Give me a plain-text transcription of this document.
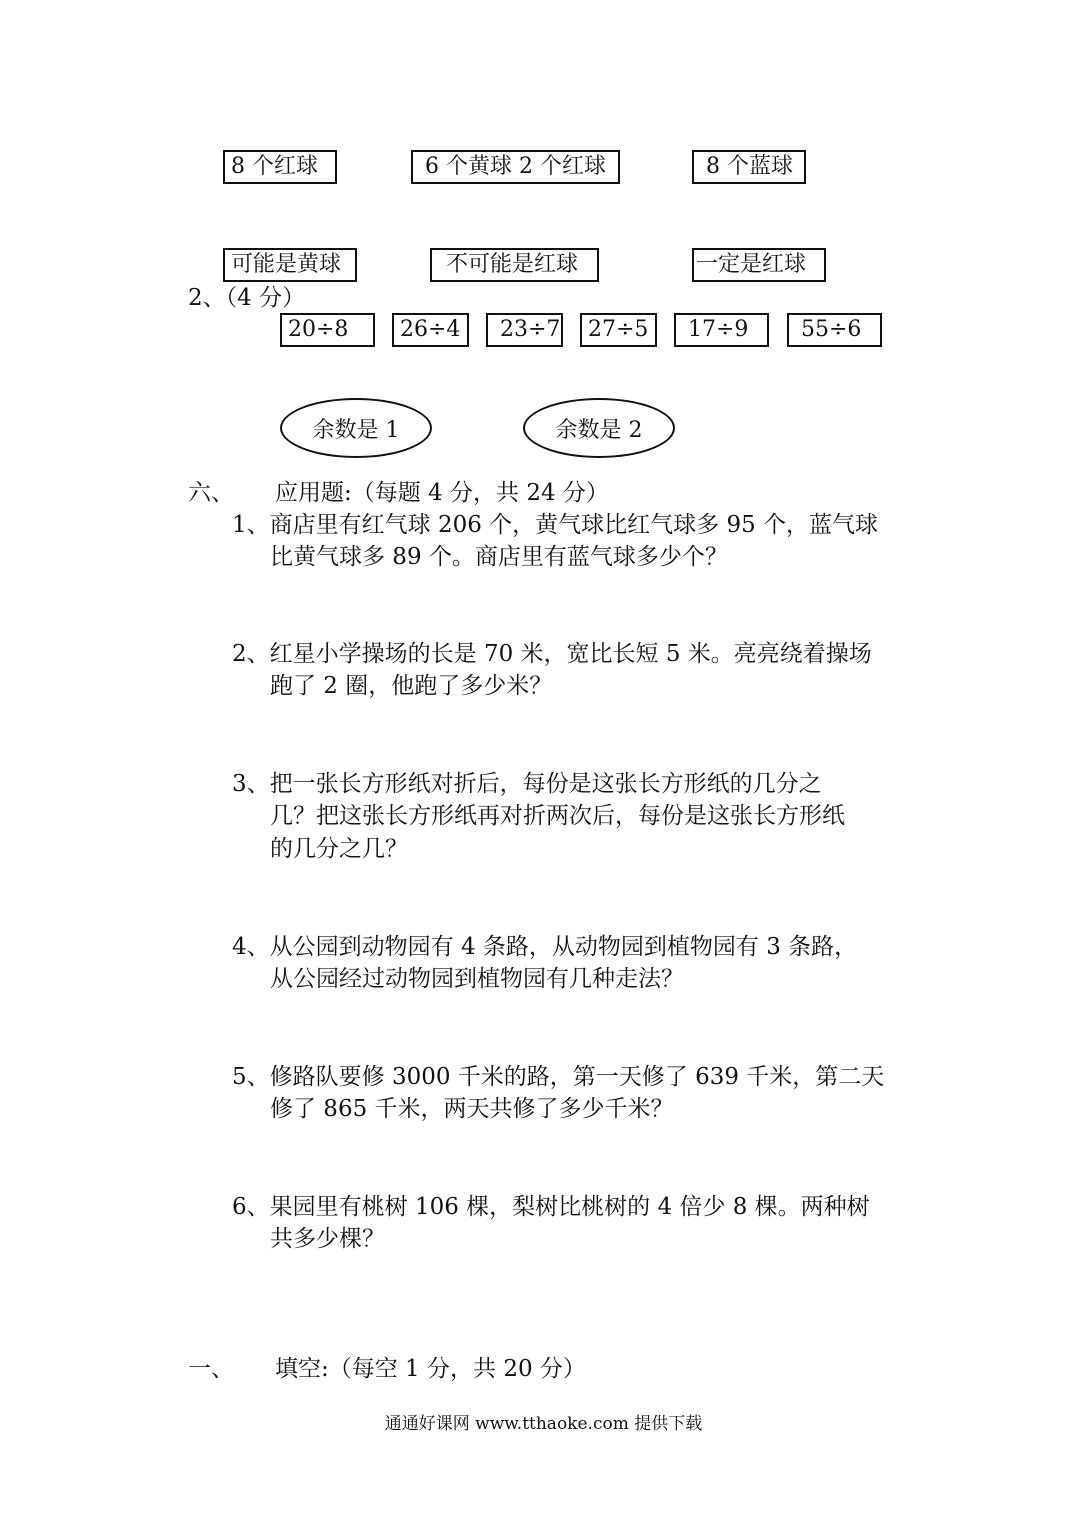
8 个红球	6 个黄球 2 个红球	8 个蓝球
可能是黄球	不可能是红球	一定是红球
2、（4 分）
20÷8	26÷4	23÷7	27÷5	17÷9	55÷6
余数是 1	余数是 2
六、 应用题:（每题 4 分，共 24 分）
1、商店里有红气球 206 个，黄气球比红气球多 95 个，蓝气球
比黄气球多 89 个。商店里有蓝气球多少个？
2、红星小学操场的长是 70 米，宽比长短 5 米。亮亮绕着操场
跑了 2 圈，他跑了多少米？
3、把一张长方形纸对折后，每份是这张长方形纸的几分之
几？把这张长方形纸再对折两次后，每份是这张长方形纸
的几分之几？
4、从公园到动物园有 4 条路，从动物园到植物园有 3 条路，
从公园经过动物园到植物园有几种走法？
5、修路队要修 3000 千米的路，第一天修了 639 千米，第二天
修了 865 千米，两天共修了多少千米？
6、果园里有桃树 106 棵，梨树比桃树的 4 倍少 8 棵。两种树
共多少棵？
一、 填空:（每空 1 分，共 20 分）
通通好课网 www.tthaoke.com 提供下载
